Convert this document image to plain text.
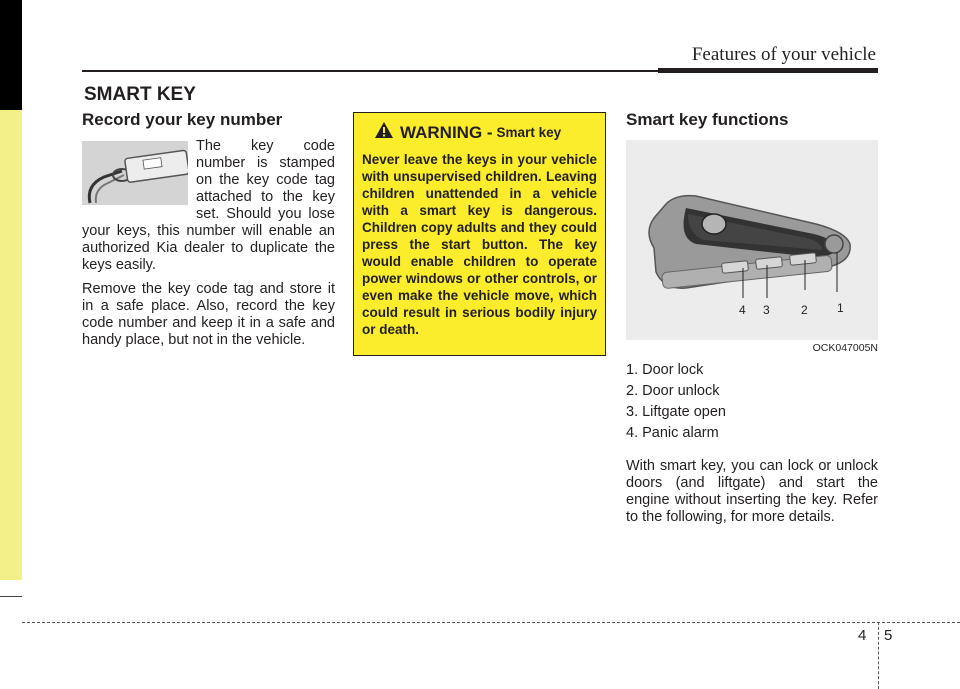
Features of your vehicle
SMART KEY
Record your key number

The key code number is stamped on the key code tag attached to the key set. Should you lose your keys, this number will enable an authorized Kia dealer to duplicate the keys easily.

Remove the key code tag and store it in a safe place. Also, record the key code number and keep it in a safe and handy place, but not in the vehicle.

WARNING - Smart key
Never leave the keys in your vehicle with unsupervised children. Leaving children unattended in a vehicle with a smart key is dangerous. Children copy adults and they could press the start button. The key would enable children to operate power windows or other controls, or even make the vehicle move, which could result in serious bodily injury or death.
Smart key functions
4 3	2 1
OCK047005N
1. Door lock
2. Door unlock
3. Liftgate open
4. Panic alarm

With smart key, you can lock or unlock doors (and liftgate) and start the engine without inserting the key. Refer to the following, for more details.

4 5
